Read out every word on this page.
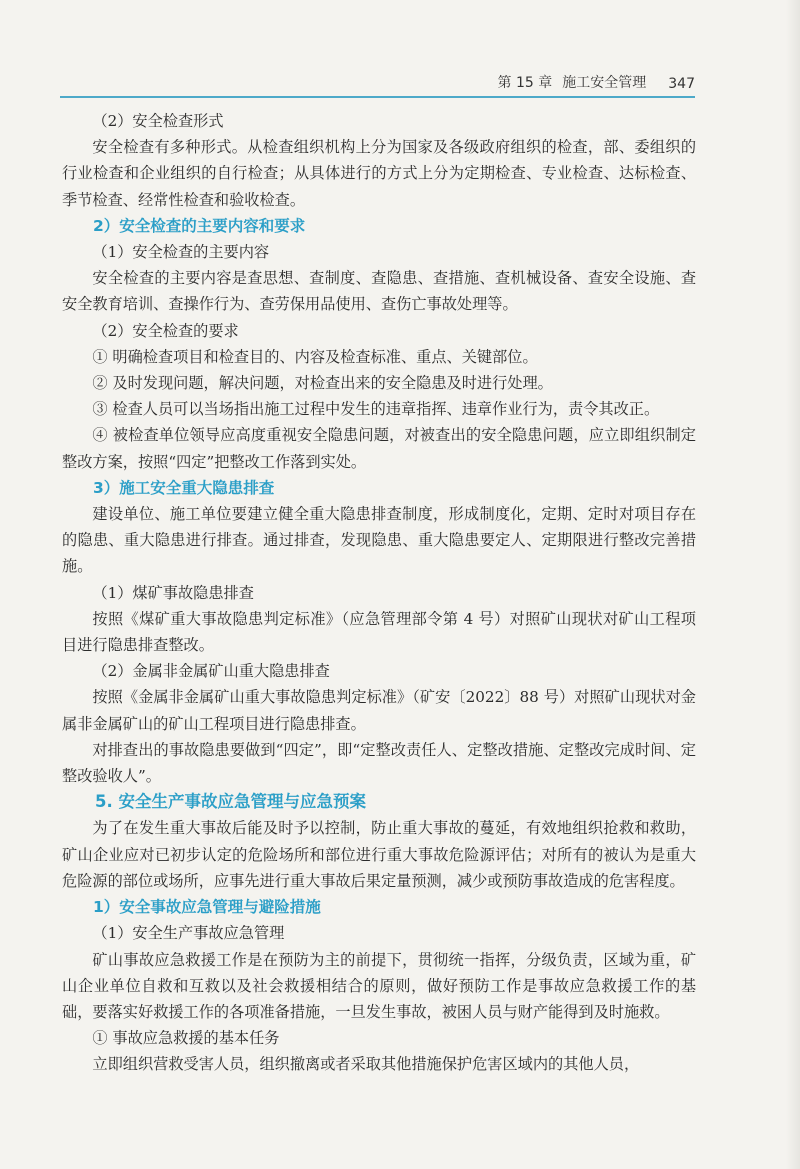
第 15 章 施工安全管理 347

（2）安全检查形式

安全检查有多种形式。从检查组织机构上分为国家及各级政府组织的检查，部、委组织的行业检查和企业组织的自行检查；从具体进行的方式上分为定期检查、专业检查、达标检查、季节检查、经常性检查和验收检查。

2）安全检查的主要内容和要求

（1）安全检查的主要内容

安全检查的主要内容是查思想、查制度、查隐患、查措施、查机械设备、查安全设施、查安全教育培训、查操作行为、查劳保用品使用、查伤亡事故处理等。

（2）安全检查的要求

① 明确检查项目和检查目的、内容及检查标准、重点、关键部位。

② 及时发现问题，解决问题，对检查出来的安全隐患及时进行处理。

③ 检查人员可以当场指出施工过程中发生的违章指挥、违章作业行为，责令其改正。

④ 被检查单位领导应高度重视安全隐患问题，对被查出的安全隐患问题，应立即组织制定整改方案，按照“四定”把整改工作落到实处。

3）施工安全重大隐患排查

建设单位、施工单位要建立健全重大隐患排查制度，形成制度化，定期、定时对项目存在的隐患、重大隐患进行排查。通过排查，发现隐患、重大隐患要定人、定期限进行整改完善措施。

（1）煤矿事故隐患排查

按照《煤矿重大事故隐患判定标准》（应急管理部令第 4 号）对照矿山现状对矿山工程项目进行隐患排查整改。

（2）金属非金属矿山重大隐患排查

按照《金属非金属矿山重大事故隐患判定标准》（矿安〔2022〕88 号）对照矿山现状对金属非金属矿山的矿山工程项目进行隐患排查。

对排查出的事故隐患要做到“四定”，即“定整改责任人、定整改措施、定整改完成时间、定整改验收人”。

5. 安全生产事故应急管理与应急预案

为了在发生重大事故后能及时予以控制，防止重大事故的蔓延，有效地组织抢救和救助，矿山企业应对已初步认定的危险场所和部位进行重大事故危险源评估；对所有的被认为是重大危险源的部位或场所，应事先进行重大事故后果定量预测，减少或预防事故造成的危害程度。

1）安全事故应急管理与避险措施

（1）安全生产事故应急管理

矿山事故应急救援工作是在预防为主的前提下，贯彻统一指挥，分级负责，区域为重，矿山企业单位自救和互救以及社会救援相结合的原则，做好预防工作是事故应急救援工作的基础，要落实好救援工作的各项准备措施，一旦发生事故，被困人员与财产能得到及时施救。

① 事故应急救援的基本任务

立即组织营救受害人员，组织撤离或者采取其他措施保护危害区域内的其他人员，
